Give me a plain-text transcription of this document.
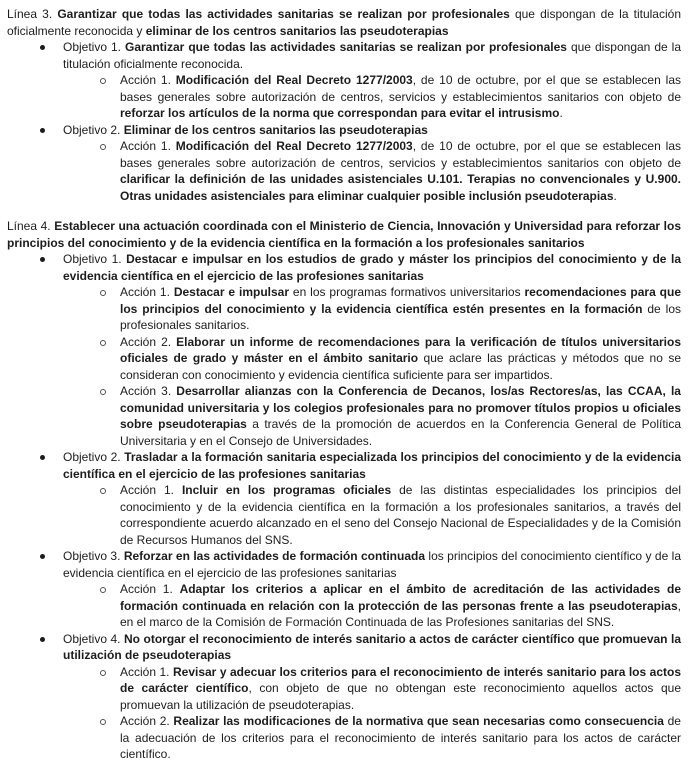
Línea 3. Garantizar que todas las actividades sanitarias se realizan por profesionales que dispongan de la titulación oficialmente reconocida y eliminar de los centros sanitarios las pseudoterapias
Objetivo 1. Garantizar que todas las actividades sanitarias se realizan por profesionales que dispongan de la titulación oficialmente reconocida.
Acción 1. Modificación del Real Decreto 1277/2003, de 10 de octubre, por el que se establecen las bases generales sobre autorización de centros, servicios y establecimientos sanitarios con objeto de reforzar los artículos de la norma que correspondan para evitar el intrusismo.
Objetivo 2. Eliminar de los centros sanitarios las pseudoterapias
Acción 1. Modificación del Real Decreto 1277/2003, de 10 de octubre, por el que se establecen las bases generales sobre autorización de centros, servicios y establecimientos sanitarios con objeto de clarificar la definición de las unidades asistenciales U.101. Terapias no convencionales y U.900. Otras unidades asistenciales para eliminar cualquier posible inclusión pseudoterapias.
Línea 4. Establecer una actuación coordinada con el Ministerio de Ciencia, Innovación y Universidad para reforzar los principios del conocimiento y de la evidencia científica en la formación a los profesionales sanitarios
Objetivo 1. Destacar e impulsar en los estudios de grado y máster los principios del conocimiento y de la evidencia científica en el ejercicio de las profesiones sanitarias
Acción 1. Destacar e impulsar en los programas formativos universitarios recomendaciones para que los principios del conocimiento y la evidencia científica estén presentes en la formación de los profesionales sanitarios.
Acción 2. Elaborar un informe de recomendaciones para la verificación de títulos universitarios oficiales de grado y máster en el ámbito sanitario que aclare las prácticas y métodos que no se consideran con conocimiento y evidencia científica suficiente para ser impartidos.
Acción 3. Desarrollar alianzas con la Conferencia de Decanos, los/as Rectores/as, las CCAA, la comunidad universitaria y los colegios profesionales para no promover títulos propios u oficiales sobre pseudoterapias a través de la promoción de acuerdos en la Conferencia General de Política Universitaria y en el Consejo de Universidades.
Objetivo 2. Trasladar a la formación sanitaria especializada los principios del conocimiento y de la evidencia científica en el ejercicio de las profesiones sanitarias
Acción 1. Incluir en los programas oficiales de las distintas especialidades los principios del conocimiento y de la evidencia científica en la formación a los profesionales sanitarios, a través del correspondiente acuerdo alcanzado en el seno del Consejo Nacional de Especialidades y de la Comisión de Recursos Humanos del SNS.
Objetivo 3. Reforzar en las actividades de formación continuada los principios del conocimiento científico y de la evidencia científica en el ejercicio de las profesiones sanitarias
Acción 1. Adaptar los criterios a aplicar en el ámbito de acreditación de las actividades de formación continuada en relación con la protección de las personas frente a las pseudoterapias, en el marco de la Comisión de Formación Continuada de las Profesiones sanitarias del SNS.
Objetivo 4. No otorgar el reconocimiento de interés sanitario a actos de carácter científico que promuevan la utilización de pseudoterapias
Acción 1. Revisar y adecuar los criterios para el reconocimiento de interés sanitario para los actos de carácter científico, con objeto de que no obtengan este reconocimiento aquellos actos que promuevan la utilización de pseudoterapias.
Acción 2. Realizar las modificaciones de la normativa que sean necesarias como consecuencia de la adecuación de los criterios para el reconocimiento de interés sanitario para los actos de carácter científico.
